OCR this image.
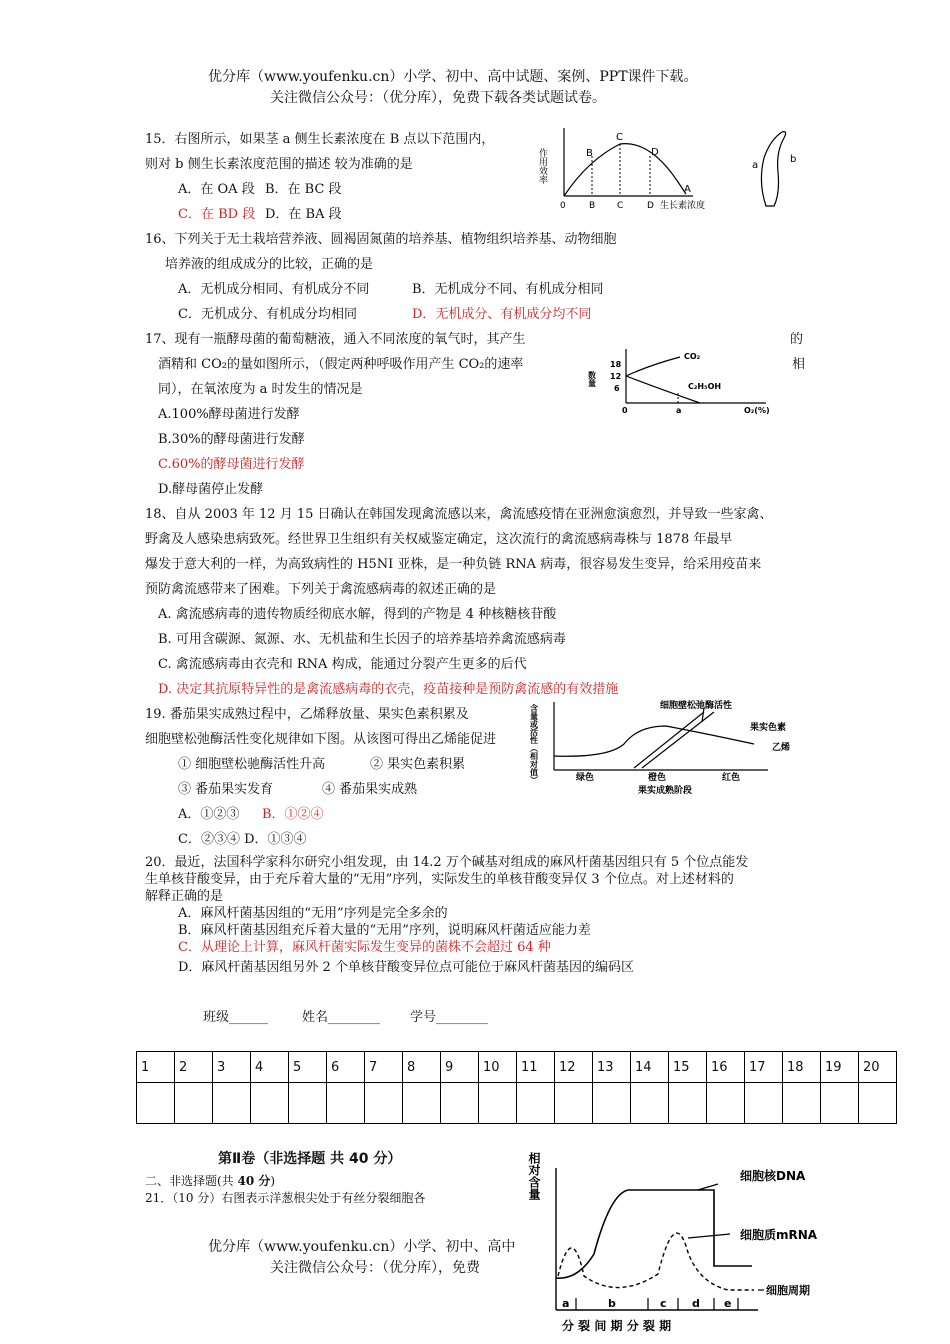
优分库（www.youfenku.cn）小学、初中、高中试题、案例、PPT课件下载。
关注微信公众号：（优分库），免费下载各类试题试卷。
15．右图所示，如果茎 a 侧生长素浓度在 B 点以下范围内，
则对 b 侧生长素浓度范围的描述 较为准确的是
A．在 OA 段 B．在 BC 段
C．在 BD 段 D．在 BA 段
作用效率	B
C
D
A
0	B C	D 生长素浓度
a
b
16、下列关于无土栽培营养液、圆褐固氮菌的培养基、植物组织培养基、动物细胞
培养液的组成成分的比较，正确的是
A．无机成分相同、有机成分不同	B．无机成分不同、有机成分相同
C．无机成分、有机成分均相同	D．无机成分、有机成分均不同
17、现有一瓶酵母菌的葡萄糖液，通入不同浓度的氧气时，其产生	的
酒精和 CO₂的量如图所示，（假定两种呼吸作用产生 CO₂的速率	相
同），在氧浓度为 a 时发生的情况是
A.100%酵母菌进行发酵
B.30%的酵母菌进行发酵
C.60%的酵母菌进行发酵
D.酵母菌停止发酵
数量
18
12
6
0	a	O₂(%)
CO₂
C₂H₅OH
18、自从 2003 年 12 月 15 日确认在韩国发现禽流感以来，禽流感疫情在亚洲愈演愈烈，并导致一些家禽、
野禽及人感染患病致死。经世界卫生组织有关权威鉴定确定，这次流行的禽流感病毒株与 1878 年最早
爆发于意大利的一样，为高致病性的 H5NI 亚株，是一种负链 RNA 病毒，很容易发生变异，给采用疫苗来
预防禽流感带来了困难。下列关于禽流感病毒的叙述正确的是
A. 禽流感病毒的遗传物质经彻底水解，得到的产物是 4 种核糖核苷酸
B. 可用含碳源、氮源、水、无机盐和生长因子的培养基培养禽流感病毒
C. 禽流感病毒由衣壳和 RNA 构成，能通过分裂产生更多的后代
D. 决定其抗原特异性的是禽流感病毒的衣壳，疫苗接种是预防禽流感的有效措施
19. 番茄果实成熟过程中，乙烯释放量、果实色素积累及
细胞壁松弛酶活性变化规律如下图。从该图可得出乙烯能促进
① 细胞壁松驰酶活性升高	② 果实色素积累
③ 番茄果实发育	④ 番茄果实成熟
A．①②③ B．①②④
C．②③④ D．①③④
含量或活性（相对值）	细胞壁松弛酶活性
果实色素
乙烯
绿色	橙色	红色
果实成熟阶段
20．最近，法国科学家科尔研究小组发现，由 14.2 万个碱基对组成的麻风杆菌基因组只有 5 个位点能发
生单核苷酸变异，由于充斥着大量的“无用”序列，实际发生的单核苷酸变异仅 3 个位点。对上述材料的
解释正确的是
A．麻风杆菌基因组的“无用”序列是完全多余的
B．麻风杆菌基因组充斥着大量的“无用”序列，说明麻风杆菌适应能力差
C．从理论上计算，麻风杆菌实际发生变异的菌株不会超过 64 种
D．麻风杆菌基因组另外 2 个单核苷酸变异位点可能位于麻风杆菌基因的编码区
班级______	姓名________ 学号________
1	2	3	4	5	6	7	8	9	10	11	12	13	14	15	16	17	18	19	20

第Ⅱ卷（非选择题 共 40 分）
二、非选择题(共 40 分)
21．（10 分）右图表示洋葱根尖处于有丝分裂细胞各
优分库（www.youfenku.cn）小学、初中、高中
关注微信公众号：（优分库），免费
相对含量	细胞核DNA
细胞质mRNA
细胞周期
a	b	c d e
分 裂 间 期 分 裂 期
